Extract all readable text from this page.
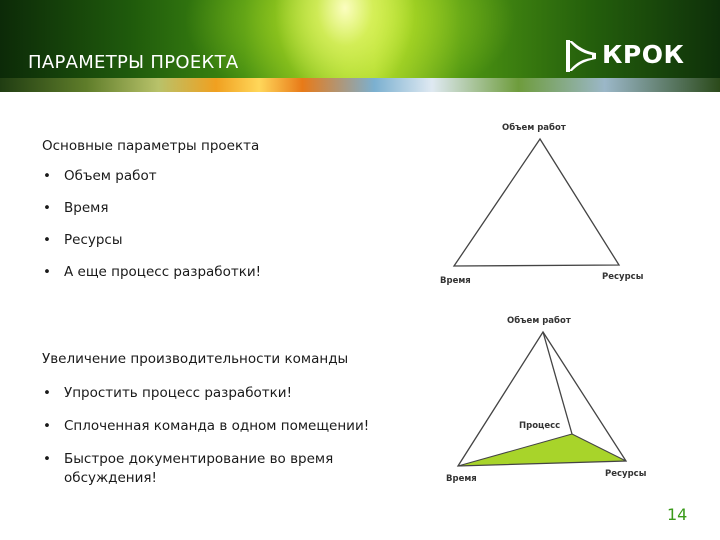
ПАРАМЕТРЫ ПРОЕКТА	КРОК
Основные параметры проекта
• Объем работ
• Время
• Ресурсы
• А еще процесс разработки!
Увеличение производительности команды
• Упростить процесс разработки!
• Сплоченная команда в одном помещении!
• Быстрое документирование во время обсуждения!
Объем работ
Время	Ресурсы
Объем работ
Процесс
Время	Ресурсы
14
